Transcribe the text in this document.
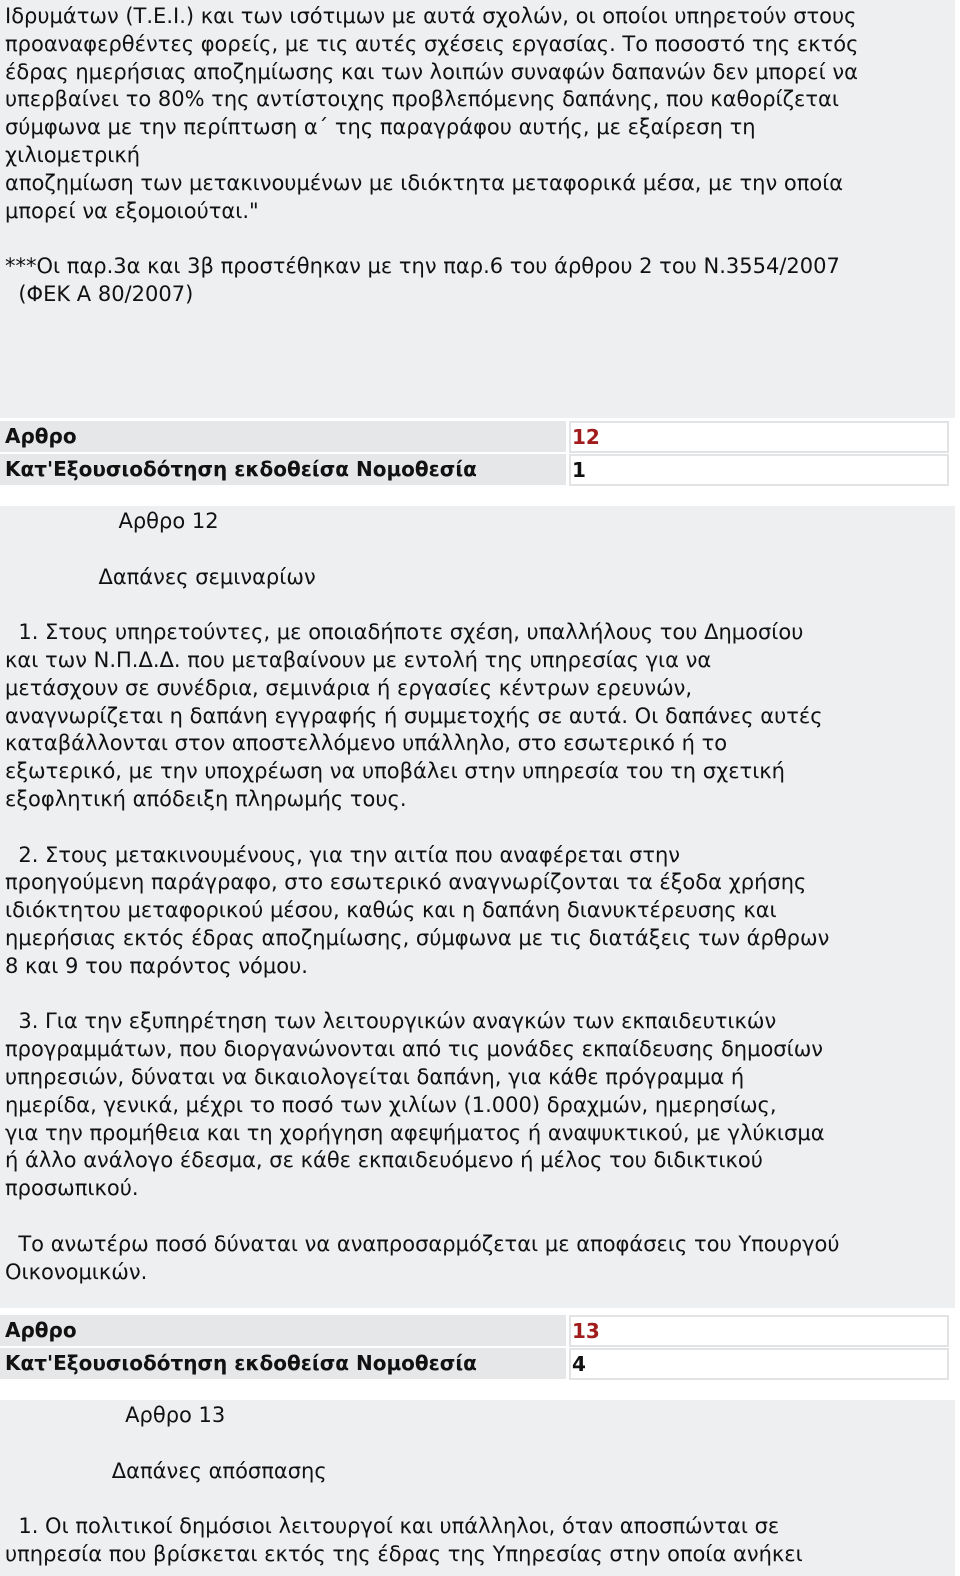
Ιδρυμάτων (Τ.Ε.Ι.) και των ισότιμων με αυτά σχολών, οι οποίοι υπηρετούν στους
προαναφερθέντες φορείς, με τις αυτές σχέσεις εργασίας. Το ποσοστό της εκτός
έδρας ημερήσιας αποζημίωσης και των λοιπών συναφών δαπανών δεν μπορεί να
υπερβαίνει το 80% της αντίστοιχης προβλεπόμενης δαπάνης, που καθορίζεται
σύμφωνα με την περίπτωση α΄ της παραγράφου αυτής, με εξαίρεση τη
χιλιομετρική
αποζημίωση των μετακινουμένων με ιδιόκτητα μεταφορικά μέσα, με την οποία
μπορεί να εξομοιούται."

***Οι παρ.3α και 3β προστέθηκαν με την παρ.6 του άρθρου 2 του Ν.3554/2007
(ΦΕΚ Α 80/2007)

Αρθρο	12
Κατ'Εξουσιοδότηση εκδοθείσα Νομοθεσία	1

Αρθρο 12

Δαπάνες σεμιναρίων

1. Στους υπηρετούντες, με οποιαδήποτε σχέση, υπαλλήλους του Δημοσίου
και των Ν.Π.Δ.Δ. που μεταβαίνουν με εντολή της υπηρεσίας για να
μετάσχουν σε συνέδρια, σεμινάρια ή εργασίες κέντρων ερευνών,
αναγνωρίζεται η δαπάνη εγγραφής ή συμμετοχής σε αυτά. Οι δαπάνες αυτές
καταβάλλονται στον αποστελλόμενο υπάλληλο, στο εσωτερικό ή το
εξωτερικό, με την υποχρέωση να υποβάλει στην υπηρεσία του τη σχετική
εξοφλητική απόδειξη πληρωμής τους.

2. Στους μετακινουμένους, για την αιτία που αναφέρεται στην
προηγούμενη παράγραφο, στο εσωτερικό αναγνωρίζονται τα έξοδα χρήσης
ιδιόκτητου μεταφορικού μέσου, καθώς και η δαπάνη διανυκτέρευσης και
ημερήσιας εκτός έδρας αποζημίωσης, σύμφωνα με τις διατάξεις των άρθρων
8 και 9 του παρόντος νόμου.

3. Για την εξυπηρέτηση των λειτουργικών αναγκών των εκπαιδευτικών
προγραμμάτων, που διοργανώνονται από τις μονάδες εκπαίδευσης δημοσίων
υπηρεσιών, δύναται να δικαιολογείται δαπάνη, για κάθε πρόγραμμα ή
ημερίδα, γενικά, μέχρι το ποσό των χιλίων (1.000) δραχμών, ημερησίως,
για την προμήθεια και τη χορήγηση αφεψήματος ή αναψυκτικού, με γλύκισμα
ή άλλο ανάλογο έδεσμα, σε κάθε εκπαιδευόμενο ή μέλος του διδικτικού
προσωπικού.

Το ανωτέρω ποσό δύναται να αναπροσαρμόζεται με αποφάσεις του Υπουργού
Οικονομικών.

Αρθρο	13
Κατ'Εξουσιοδότηση εκδοθείσα Νομοθεσία	4

Αρθρο 13

Δαπάνες απόσπασης

1. Οι πολιτικοί δημόσιοι λειτουργοί και υπάλληλοι, όταν αποσπώνται σε
υπηρεσία που βρίσκεται εκτός της έδρας της Υπηρεσίας στην οποία ανήκει
